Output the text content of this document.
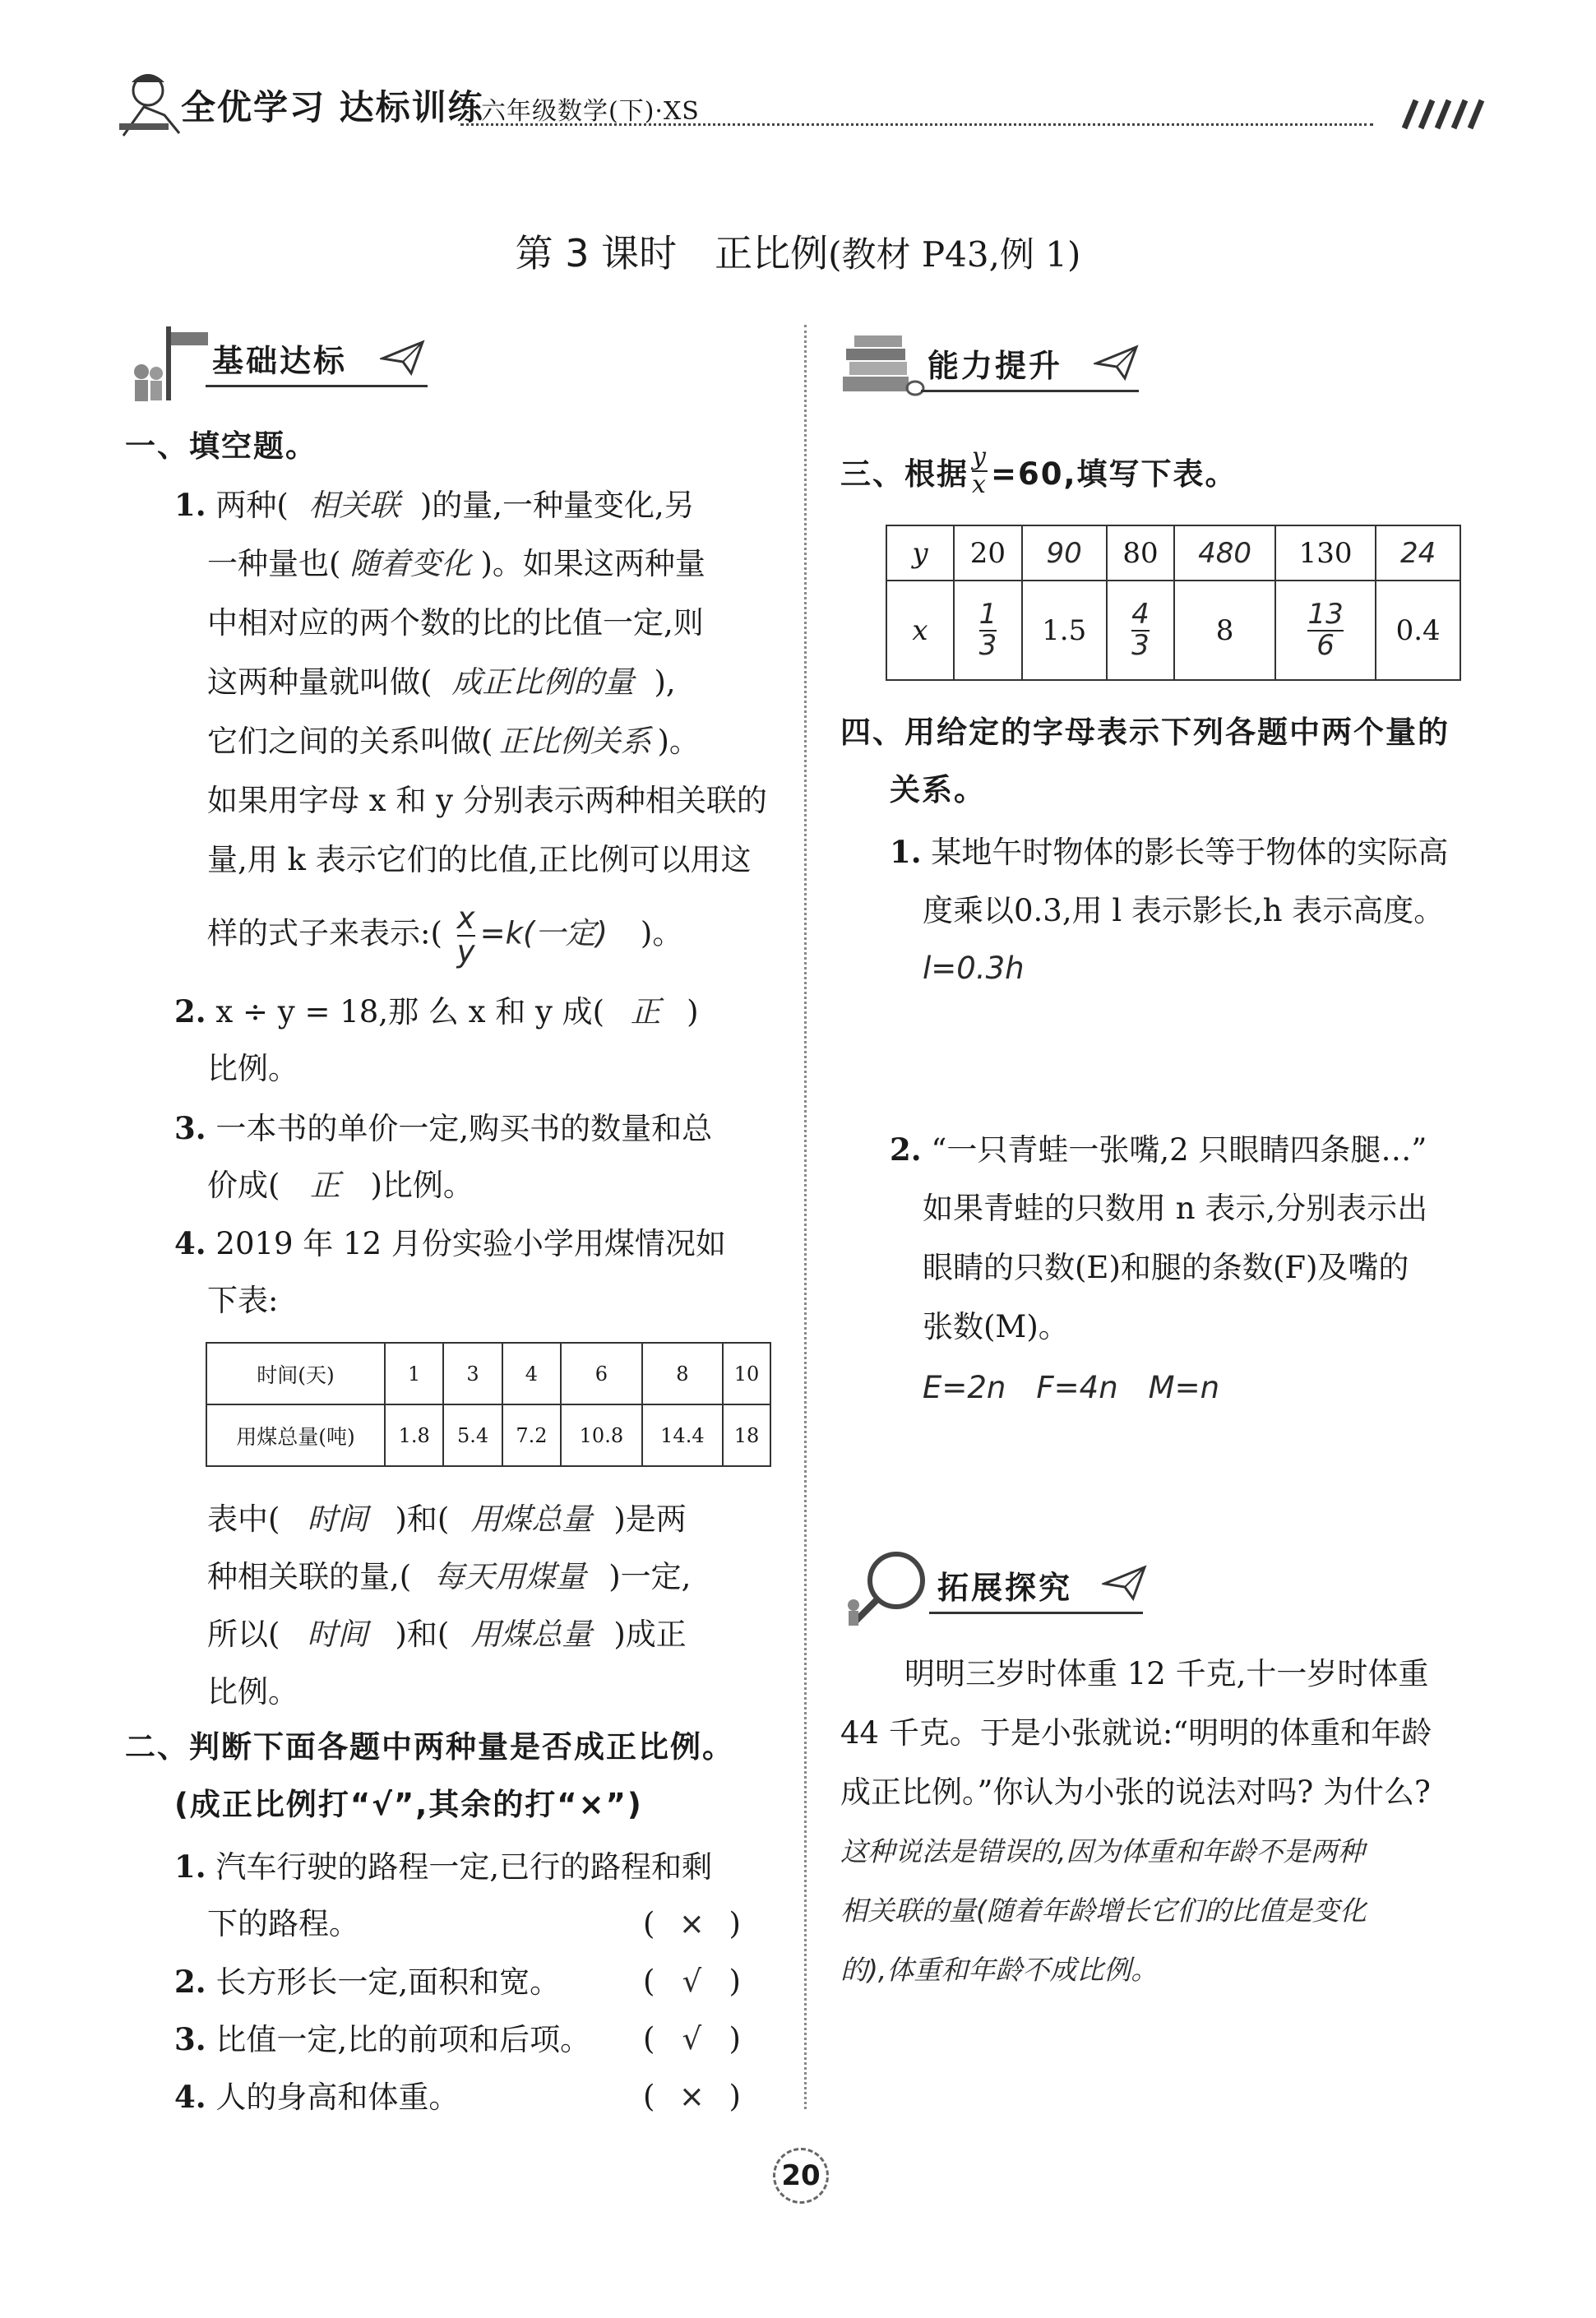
全优学习 达标训练
六年级数学(下)·XS
第 3 课时　正比例(教材 P43,例 1)
基础达标
一、填空题。
1. 两种( 相关联 )的量,一种量变化,另
一种量也( 随着变化 )。如果这两种量
中相对应的两个数的比的比值一定,则
这两种量就叫做( 成正比例的量 ),
它们之间的关系叫做( 正比例关系 )。
如果用字母 x 和 y 分别表示两种相关联的
量,用 k 表示它们的比值,正比例可以用这
样的式子来表示:( $\frac{x}{y} =k$(一定) )。
2. x ÷ y = 18,那 么 x 和 y 成( 正 )
比例。
3. 一本书的单价一定,购买书的数量和总
价成( 正 )比例。
4. 2019 年 12 月份实验小学用煤情况如
下表:
时间(天)	1	3	4	6	8	10
用煤总量(吨)	1.8	5.4	7.2	10.8	14.4	18
表中( 时间 )和( 用煤总量 )是两
种相关联的量,( 每天用煤量 )一定,
所以( 时间 )和( 用煤总量 )成正
比例。
二、判断下面各题中两种量是否成正比例。
(成正比例打“√”,其余的打“×”)
1. 汽车行驶的路程一定,已行的路程和剩
下的路程。	( × )
2. 长方形长一定,面积和宽。	( √ )
3. 比值一定,比的前项和后项。 ( √ )
4. 人的身高和体重。	( × )
能力提升
三、根据 $\frac{y}{x} =60$,填写下表。
y	20	90	80	480	130	24
x	$\frac{1}{3}$	1.5	$\frac{4}{3}$	8	$\frac{13}{6}$	0.4
四、用给定的字母表示下列各题中两个量的
关系。
1. 某地午时物体的影长等于物体的实际高
度乘以0.3,用 l 表示影长,h 表示高度。
l=0.3h
2. “一只青蛙一张嘴,2 只眼睛四条腿…”
如果青蛙的只数用 n 表示,分别表示出
眼睛的只数(E)和腿的条数(F)及嘴的
张数(M)。
E=2n　F=4n　M=n
拓展探究
明明三岁时体重 12 千克,十一岁时体重
44 千克。于是小张就说:“明明的体重和年龄
成正比例。”你认为小张的说法对吗? 为什么?
这种说法是错误的,因为体重和年龄不是两种
相关联的量(随着年龄增长它们的比值是变化
的),体重和年龄不成比例。
20
